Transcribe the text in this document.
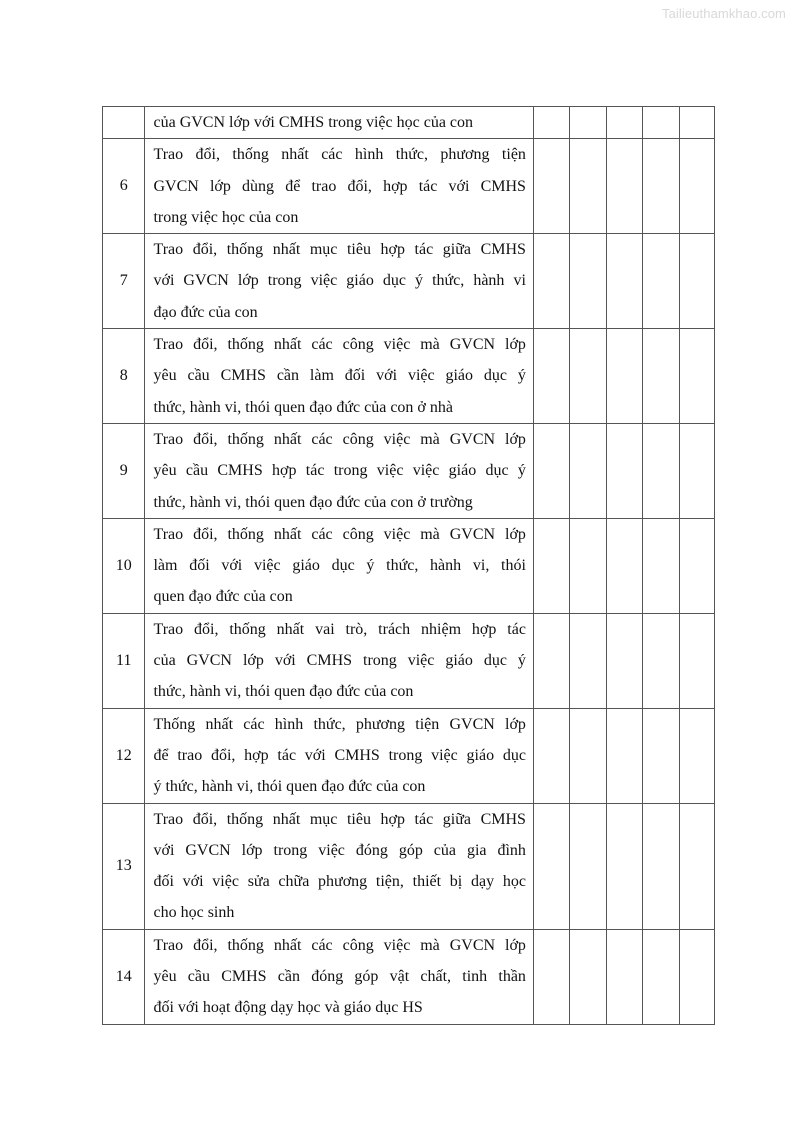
Tailieuthamkhao.com

	của GVCN lớp với CMHS trong việc học của con					

6	Trao đổi, thống nhất các hình thức, phương tiện
GVCN lớp dùng để trao đổi, hợp tác với CMHS
trong việc học của con					

7	Trao đổi, thống nhất mục tiêu hợp tác giữa CMHS
với GVCN lớp trong việc giáo dục ý thức, hành vi
đạo đức của con					

8	Trao đổi, thống nhất các công việc mà GVCN lớp
yêu cầu CMHS cần làm đối với việc giáo dục ý
thức, hành vi, thói quen đạo đức của con ở nhà					

9	Trao đổi, thống nhất các công việc mà GVCN lớp
yêu cầu CMHS hợp tác trong việc việc giáo dục ý
thức, hành vi, thói quen đạo đức của con ở trường					

10	Trao đổi, thống nhất các công việc mà GVCN lớp
làm đối với việc giáo dục ý thức, hành vi, thói
quen đạo đức của con					

11	Trao đổi, thống nhất vai trò, trách nhiệm hợp tác
của GVCN lớp với CMHS trong việc giáo dục ý
thức, hành vi, thói quen đạo đức của con					

12	Thống nhất các hình thức, phương tiện GVCN lớp
để trao đổi, hợp tác với CMHS trong việc giáo dục
ý thức, hành vi, thói quen đạo đức của con					

13	Trao đổi, thống nhất mục tiêu hợp tác giữa CMHS
với GVCN lớp trong việc đóng góp của gia đình
đối với việc sửa chữa phương tiện, thiết bị dạy học
cho học sinh					

14	Trao đổi, thống nhất các công việc mà GVCN lớp
yêu cầu CMHS cần đóng góp vật chất, tinh thần
đối với hoạt động dạy học và giáo dục HS					
